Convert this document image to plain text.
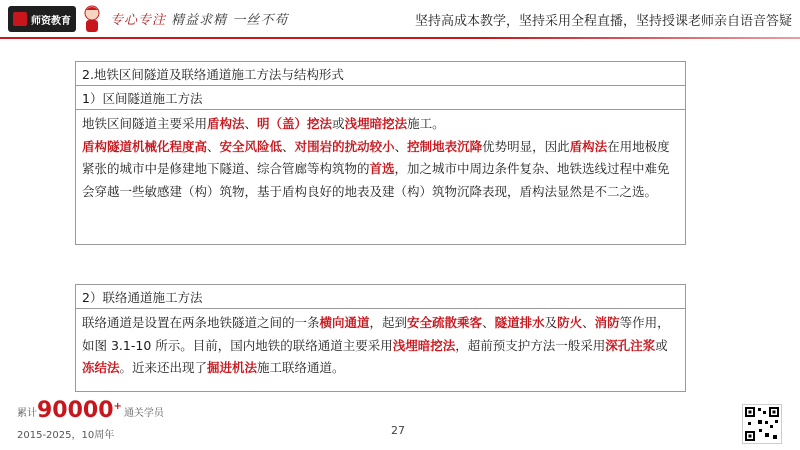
师资教育	专心专注 精益求精 一丝不苟	坚持高成本教学，坚持采用全程直播，坚持授课老师亲自语音答疑
2.地铁区间隧道及联络通道施工方法与结构形式
1）区间隧道施工方法
地铁区间隧道主要采用盾构法、明（盖）挖法或浅埋暗挖法施工。
盾构隧道机械化程度高、安全风险低、对围岩的扰动较小、控制地表沉降优势明显，因此盾构法在用地极度紧张的城市中是修建地下隧道、综合管廊等构筑物的首选，加之城市中周边条件复杂、地铁选线过程中难免会穿越一些敏感建（构）筑物，基于盾构良好的地表及建（构）筑物沉降表现，盾构法显然是不二之选。
2）联络通道施工方法
联络通道是设置在两条地铁隧道之间的一条横向通道，起到安全疏散乘客、隧道排水及防火、消防等作用，如图 3.1-10 所示。目前，国内地铁的联络通道主要采用浅埋暗挖法，超前预支护方法一般采用深孔注浆或冻结法。近来还出现了掘进机法施工联络通道。
累计 90000 +
通关学员
2015-2025，10周年	27
